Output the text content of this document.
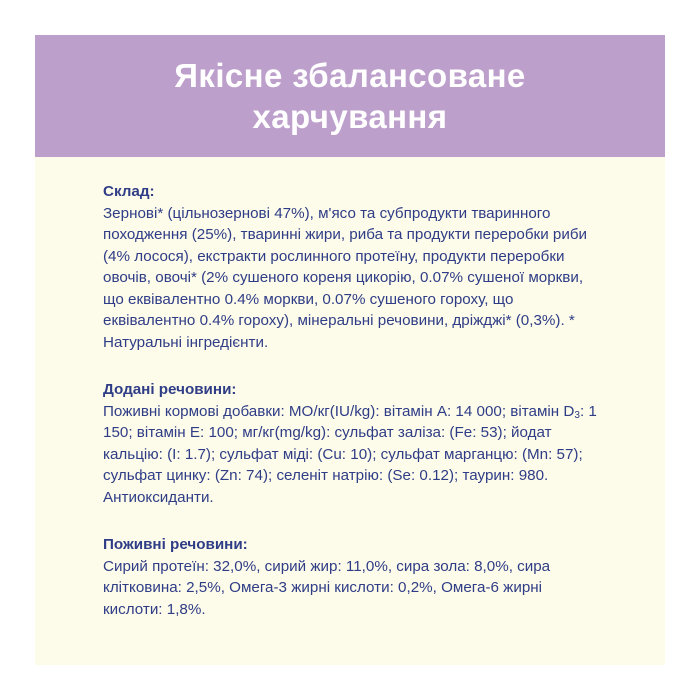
Якісне збалансоване харчування
Склад:
Зернові* (цільнозернові 47%), м'ясо та субпродукти тваринного походження (25%), тваринні жири, риба та продукти переробки риби (4% лосося), екстракти рослинного протеїну, продукти переробки овочів, овочі* (2% сушеного кореня цикорію, 0.07% сушеної моркви, що еквівалентно 0.4% моркви, 0.07% сушеного гороху, що еквівалентно 0.4% гороху), мінеральні речовини, дріжджі* (0,3%). * Натуральні інгредієнти.
Додані речовини:
Поживні кормові добавки: МО/кг(IU/kg): вітамін A: 14 000; вітамін $D_3$: 1 150; вітамін E: 100; мг/кг(mg/kg): сульфат заліза: (Fe: 53); йодат кальцію: (I: 1.7); сульфат міді: (Cu: 10); сульфат марганцю: (Mn: 57); сульфат цинку: (Zn: 74); селеніт натрію: (Se: 0.12); таурин: 980. Антиоксиданти.
Поживні речовини:
Сирий протеїн: 32,0%, сирий жир: 11,0%, сира зола: 8,0%, сира клітковина: 2,5%, Омега-3 жирні кислоти: 0,2%, Омега-6 жирні кислоти: 1,8%.
